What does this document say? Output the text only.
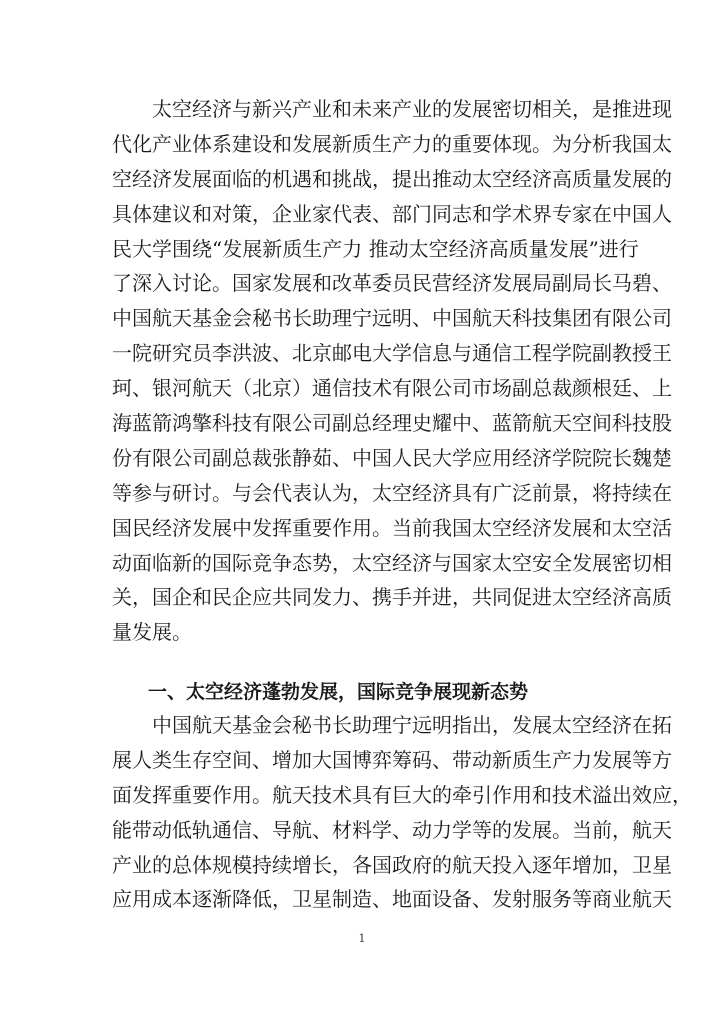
　　太空经济与新兴产业和未来产业的发展密切相关，是推进现
代化产业体系建设和发展新质生产力的重要体现。为分析我国太
空经济发展面临的机遇和挑战，提出推动太空经济高质量发展的
具体建议和对策，企业家代表、部门同志和学术界专家在中国人
民大学围绕“发展新质生产力 推动太空经济高质量发展”进行
了深入讨论。国家发展和改革委员民营经济发展局副局长马碧、
中国航天基金会秘书长助理宁远明、中国航天科技集团有限公司
一院研究员李洪波、北京邮电大学信息与通信工程学院副教授王
珂、银河航天（北京）通信技术有限公司市场副总裁颜根廷、上
海蓝箭鸿擎科技有限公司副总经理史耀中、蓝箭航天空间科技股
份有限公司副总裁张静茹、中国人民大学应用经济学院院长魏楚
等参与研讨。与会代表认为，太空经济具有广泛前景，将持续在
国民经济发展中发挥重要作用。当前我国太空经济发展和太空活
动面临新的国际竞争态势，太空经济与国家太空安全发展密切相
关，国企和民企应共同发力、携手并进，共同促进太空经济高质
量发展。
一、太空经济蓬勃发展，国际竞争展现新态势
　　中国航天基金会秘书长助理宁远明指出，发展太空经济在拓
展人类生存空间、增加大国博弈筹码、带动新质生产力发展等方
面发挥重要作用。航天技术具有巨大的牵引作用和技术溢出效应，
能带动低轨通信、导航、材料学、动力学等的发展。当前，航天
产业的总体规模持续增长，各国政府的航天投入逐年增加，卫星
应用成本逐渐降低，卫星制造、地面设备、发射服务等商业航天
1
